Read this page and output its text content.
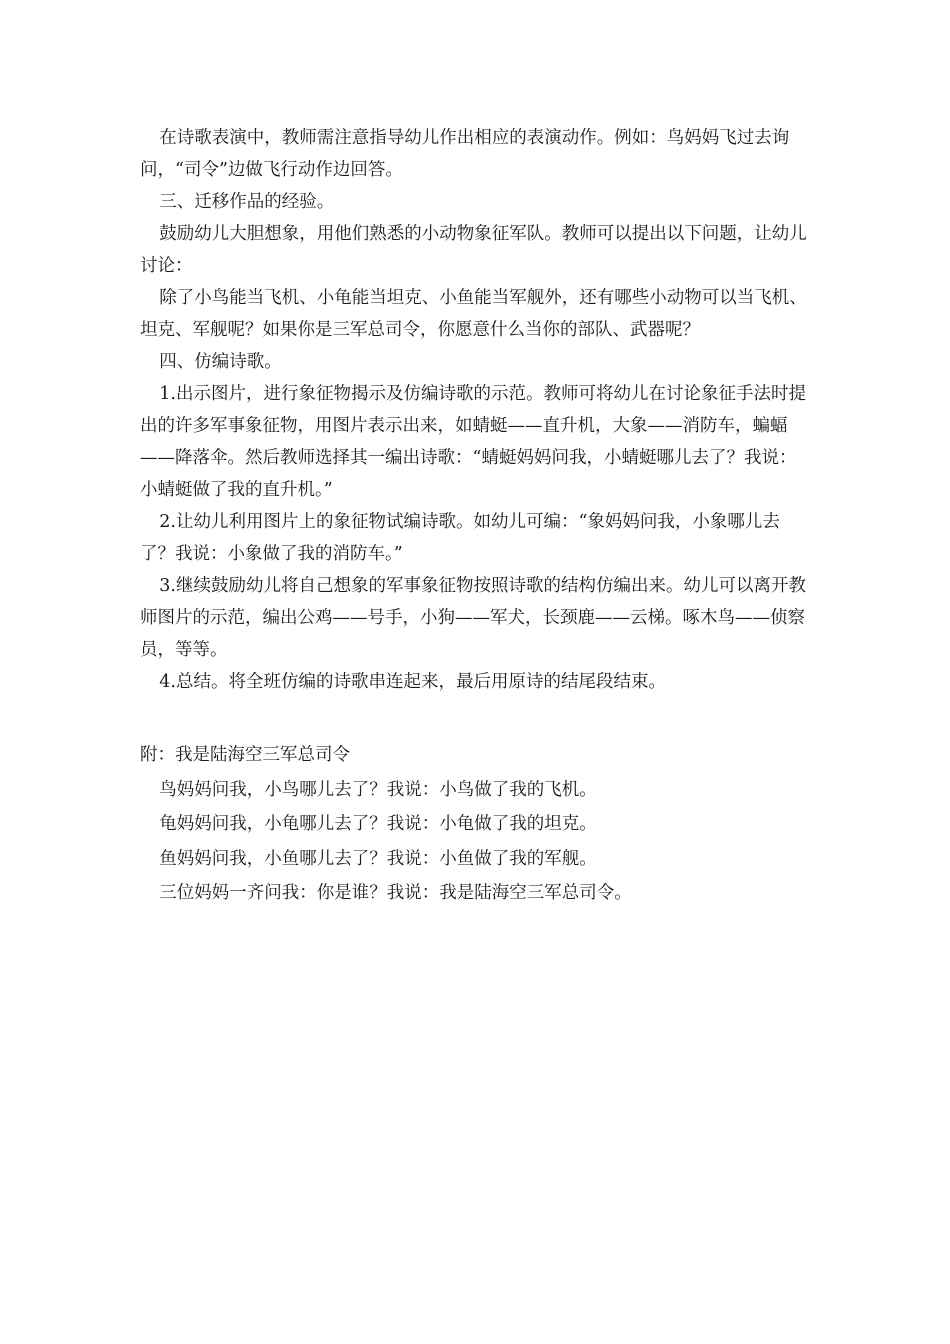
在诗歌表演中，教师需注意指导幼儿作出相应的表演动作。例如：鸟妈妈飞过去询问，“司令”边做飞行动作边回答。

三、迁移作品的经验。

鼓励幼儿大胆想象，用他们熟悉的小动物象征军队。教师可以提出以下问题，让幼儿讨论：

除了小鸟能当飞机、小龟能当坦克、小鱼能当军舰外，还有哪些小动物可以当飞机、坦克、军舰呢？如果你是三军总司令，你愿意什么当你的部队、武器呢？

四、仿编诗歌。

1.出示图片，进行象征物揭示及仿编诗歌的示范。教师可将幼儿在讨论象征手法时提出的许多军事象征物，用图片表示出来，如蜻蜓——直升机，大象——消防车，蝙蝠——降落伞。然后教师选择其一编出诗歌：“蜻蜓妈妈问我，小蜻蜓哪儿去了？我说：小蜻蜓做了我的直升机。”

2.让幼儿利用图片上的象征物试编诗歌。如幼儿可编：“象妈妈问我，小象哪儿去了？我说：小象做了我的消防车。”

3.继续鼓励幼儿将自己想象的军事象征物按照诗歌的结构仿编出来。幼儿可以离开教师图片的示范，编出公鸡——号手，小狗——军犬，长颈鹿——云梯。啄木鸟——侦察员，等等。

4.总结。将全班仿编的诗歌串连起来，最后用原诗的结尾段结束。

附：我是陆海空三军总司令

鸟妈妈问我，小鸟哪儿去了？我说：小鸟做了我的飞机。

龟妈妈问我，小龟哪儿去了？我说：小龟做了我的坦克。

鱼妈妈问我，小鱼哪儿去了？我说：小鱼做了我的军舰。

三位妈妈一齐问我：你是谁？我说：我是陆海空三军总司令。
